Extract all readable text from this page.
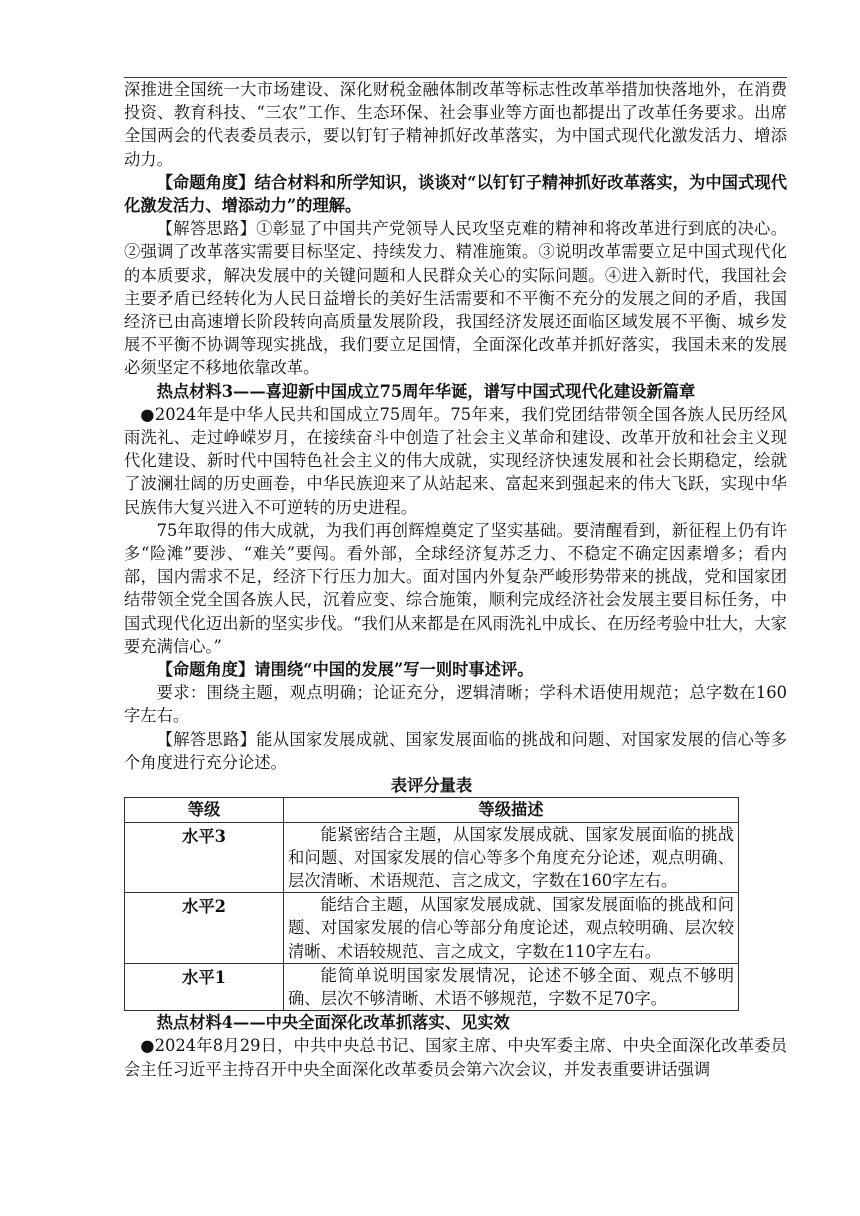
深推进全国统一大市场建设、深化财税金融体制改革等标志性改革举措加快落地外，在消费投资、教育科技、“三农”工作、生态环保、社会事业等方面也都提出了改革任务要求。出席全国两会的代表委员表示，要以钉钉子精神抓好改革落实，为中国式现代化激发活力、增添动力。

【命题角度】结合材料和所学知识，谈谈对“以钉钉子精神抓好改革落实，为中国式现代化激发活力、增添动力”的理解。

【解答思路】①彰显了中国共产党领导人民攻坚克难的精神和将改革进行到底的决心。②强调了改革落实需要目标坚定、持续发力、精准施策。③说明改革需要立足中国式现代化的本质要求，解决发展中的关键问题和人民群众关心的实际问题。④进入新时代，我国社会主要矛盾已经转化为人民日益增长的美好生活需要和不平衡不充分的发展之间的矛盾，我国经济已由高速增长阶段转向高质量发展阶段，我国经济发展还面临区域发展不平衡、城乡发展不平衡不协调等现实挑战，我们要立足国情，全面深化改革并抓好落实，我国未来的发展必须坚定不移地依靠改革。

热点材料3——喜迎新中国成立75周年华诞，谱写中国式现代化建设新篇章

●2024年是中华人民共和国成立75周年。75年来，我们党团结带领全国各族人民历经风雨洗礼、走过峥嵘岁月，在接续奋斗中创造了社会主义革命和建设、改革开放和社会主义现代化建设、新时代中国特色社会主义的伟大成就，实现经济快速发展和社会长期稳定，绘就了波澜壮阔的历史画卷，中华民族迎来了从站起来、富起来到强起来的伟大飞跃，实现中华民族伟大复兴进入不可逆转的历史进程。

75年取得的伟大成就，为我们再创辉煌奠定了坚实基础。要清醒看到，新征程上仍有许多“险滩”要涉、“难关”要闯。看外部，全球经济复苏乏力、不稳定不确定因素增多；看内部，国内需求不足，经济下行压力加大。面对国内外复杂严峻形势带来的挑战，党和国家团结带领全党全国各族人民，沉着应变、综合施策，顺利完成经济社会发展主要目标任务，中国式现代化迈出新的坚实步伐。“我们从来都是在风雨洗礼中成长、在历经考验中壮大，大家要充满信心。”

【命题角度】请围绕“中国的发展”写一则时事述评。

要求：围绕主题，观点明确；论证充分，逻辑清晰；学科术语使用规范；总字数在160字左右。

【解答思路】能从国家发展成就、国家发展面临的挑战和问题、对国家发展的信心等多个角度进行充分论述。

表评分量表
等级	等级描述
水平3	能紧密结合主题，从国家发展成就、国家发展面临的挑战和问题、对国家发展的信心等多个角度充分论述，观点明确、层次清晰、术语规范、言之成文，字数在160字左右。
水平2	能结合主题，从国家发展成就、国家发展面临的挑战和问题、对国家发展的信心等部分角度论述，观点较明确、层次较清晰、术语较规范、言之成文，字数在110字左右。
水平1	能简单说明国家发展情况，论述不够全面、观点不够明确、层次不够清晰、术语不够规范，字数不足70字。

热点材料4——中央全面深化改革抓落实、见实效

●2024年8月29日，中共中央总书记、国家主席、中央军委主席、中央全面深化改革委员会主任习近平主持召开中央全面深化改革委员会第六次会议，并发表重要讲话强调
